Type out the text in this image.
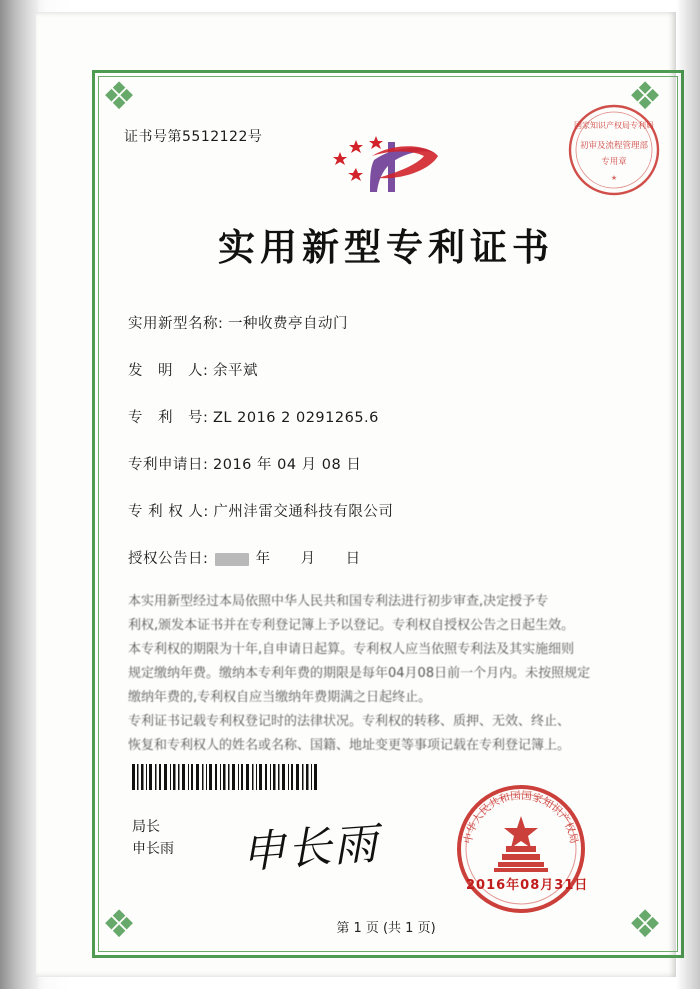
❖	❖
❖	❖
证书号第5512122号
国家知识产权局专利局
初审及流程管理部
专用章
★
实用新型专利证书
实用新型名称: 一种收费亭自动门
发　明　人: 余平斌
专　利　号: ZL 2016 2 0291265.6
专利申请日: 2016 年 04 月 08 日
专 利 权 人: 广州沣雷交通科技有限公司
授权公告日:	年　　月　　日
本实用新型经过本局依照中华人民共和国专利法进行初步审查,决定授予专
利权,颁发本证书并在专利登记簿上予以登记。专利权自授权公告之日起生效。
本专利权的期限为十年,自申请日起算。专利权人应当依照专利法及其实施细则
规定缴纳年费。缴纳本专利年费的期限是每年04月08日前一个月内。未按照规定
缴纳年费的,专利权自应当缴纳年费期满之日起终止。
专利证书记载专利权登记时的法律状况。专利权的转移、质押、无效、终止、
恢复和专利权人的姓名或名称、国籍、地址变更等事项记载在专利登记簿上。
局长
申长雨 申长雨	中华人民共和国国家知识产权局
2016年08月31日
第 1 页 (共 1 页)
